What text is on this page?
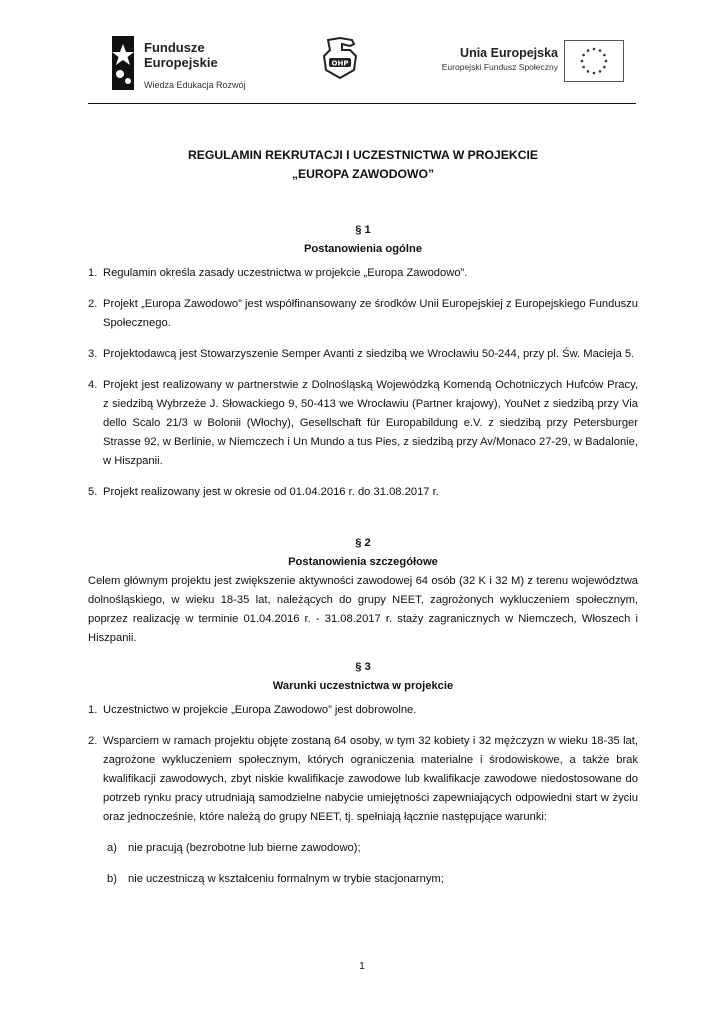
Fundusze
Europejskie
Wiedza Edukacja Rozwój
OHP
Unia Europejska
Europejski Fundusz Społeczny
REGULAMIN REKRUTACJI I UCZESTNICTWA W PROJEKCIE
„EUROPA ZAWODOWO”
§ 1
Postanowienia ogólne
1. Regulamin określa zasady uczestnictwa w projekcie „Europa Zawodowo”.
2. Projekt „Europa Zawodowo” jest współfinansowany ze środków Unii Europejskiej z Europejskiego Funduszu Społecznego.
3. Projektodawcą jest Stowarzyszenie Semper Avanti z siedzibą we Wrocławiu 50-244, przy pl. Św. Macieja 5.
4. Projekt jest realizowany w partnerstwie z Dolnośląską Wojewódzką Komendą Ochotniczych Hufców Pracy, z siedzibą Wybrzeże J. Słowackiego 9, 50-413 we Wrocławiu (Partner krajowy), YouNet z siedzibą przy Via dello Scalo 21/3 w Bolonii (Włochy), Gesellschaft für Europabildung e.V. z siedzibą przy Petersburger Strasse 92, w Berlinie, w Niemczech i Un Mundo a tus Pies, z siedzibą przy Av/Monaco 27-29, w Badalonie, w Hiszpanii.
5. Projekt realizowany jest w okresie od 01.04.2016 r. do 31.08.2017 r.
§ 2
Postanowienia szczegółowe
Celem głównym projektu jest zwiększenie aktywności zawodowej 64 osób (32 K i 32 M) z terenu województwa dolnośląskiego, w wieku 18-35 lat, należących do grupy NEET, zagrożonych wykluczeniem społecznym, poprzez realizację w terminie 01.04.2016 r. - 31.08.2017 r. staży zagranicznych w Niemczech, Włoszech i Hiszpanii.
§ 3
Warunki uczestnictwa w projekcie
1. Uczestnictwo w projekcie „Europa Zawodowo” jest dobrowolne.
2. Wsparciem w ramach projektu objęte zostaną 64 osoby, w tym 32 kobiety i 32 mężczyzn w wieku 18-35 lat, zagrożone wykluczeniem społecznym, których ograniczenia materialne i środowiskowe, a także brak kwalifikacji zawodowych, zbyt niskie kwalifikacje zawodowe lub kwalifikacje zawodowe niedostosowane do potrzeb rynku pracy utrudniają samodzielne nabycie umiejętności zapewniających odpowiedni start w życiu oraz jednocześnie, które należą do grupy NEET, tj. spełniają łącznie następujące warunki:
a) nie pracują (bezrobotne lub bierne zawodowo);
b) nie uczestniczą w kształceniu formalnym w trybie stacjonarnym;
1
